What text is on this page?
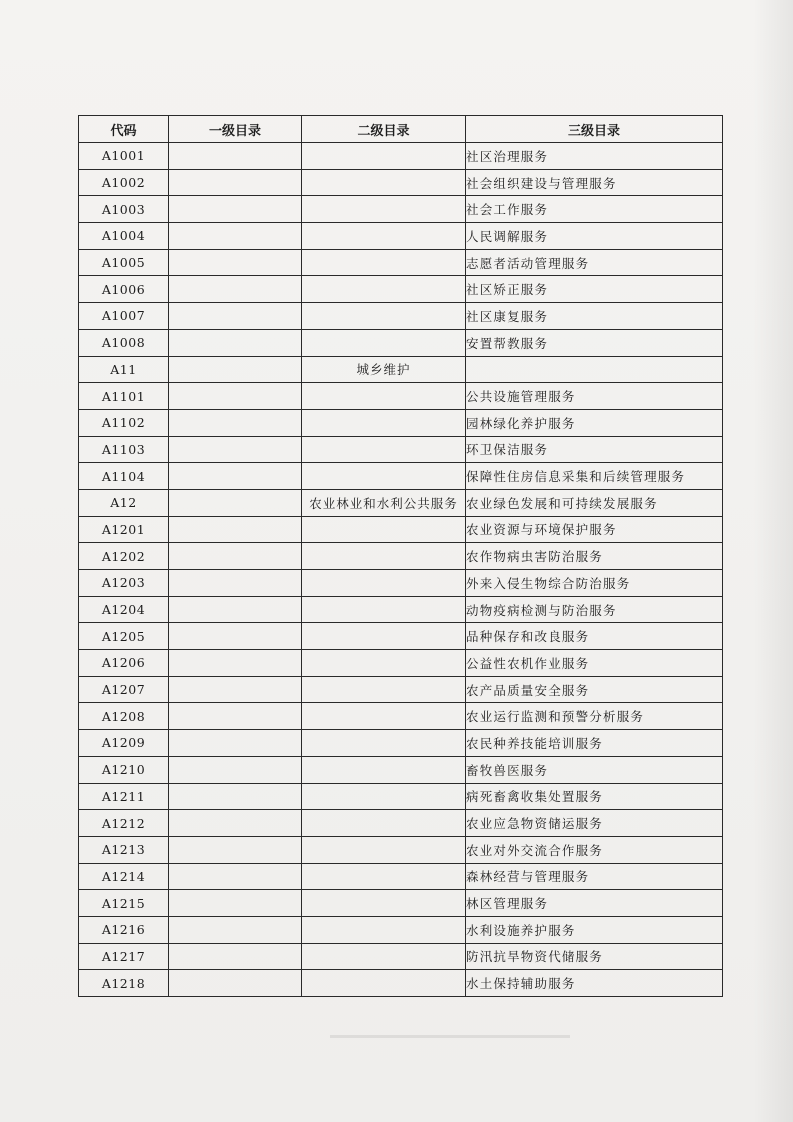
代码	一级目录	二级目录	三级目录
A1001			社区治理服务
A1002			社会组织建设与管理服务
A1003			社会工作服务
A1004			人民调解服务
A1005			志愿者活动管理服务
A1006			社区矫正服务
A1007			社区康复服务
A1008			安置帮教服务
A11		城乡维护	
A1101			公共设施管理服务
A1102			园林绿化养护服务
A1103			环卫保洁服务
A1104			保障性住房信息采集和后续管理服务
A12		农业林业和水利公共服务	农业绿色发展和可持续发展服务
A1201			农业资源与环境保护服务
A1202			农作物病虫害防治服务
A1203			外来入侵生物综合防治服务
A1204			动物疫病检测与防治服务
A1205			品种保存和改良服务
A1206			公益性农机作业服务
A1207			农产品质量安全服务
A1208			农业运行监测和预警分析服务
A1209			农民种养技能培训服务
A1210			畜牧兽医服务
A1211			病死畜禽收集处置服务
A1212			农业应急物资储运服务
A1213			农业对外交流合作服务
A1214			森林经营与管理服务
A1215			林区管理服务
A1216			水利设施养护服务
A1217			防汛抗旱物资代储服务
A1218			水土保持辅助服务
